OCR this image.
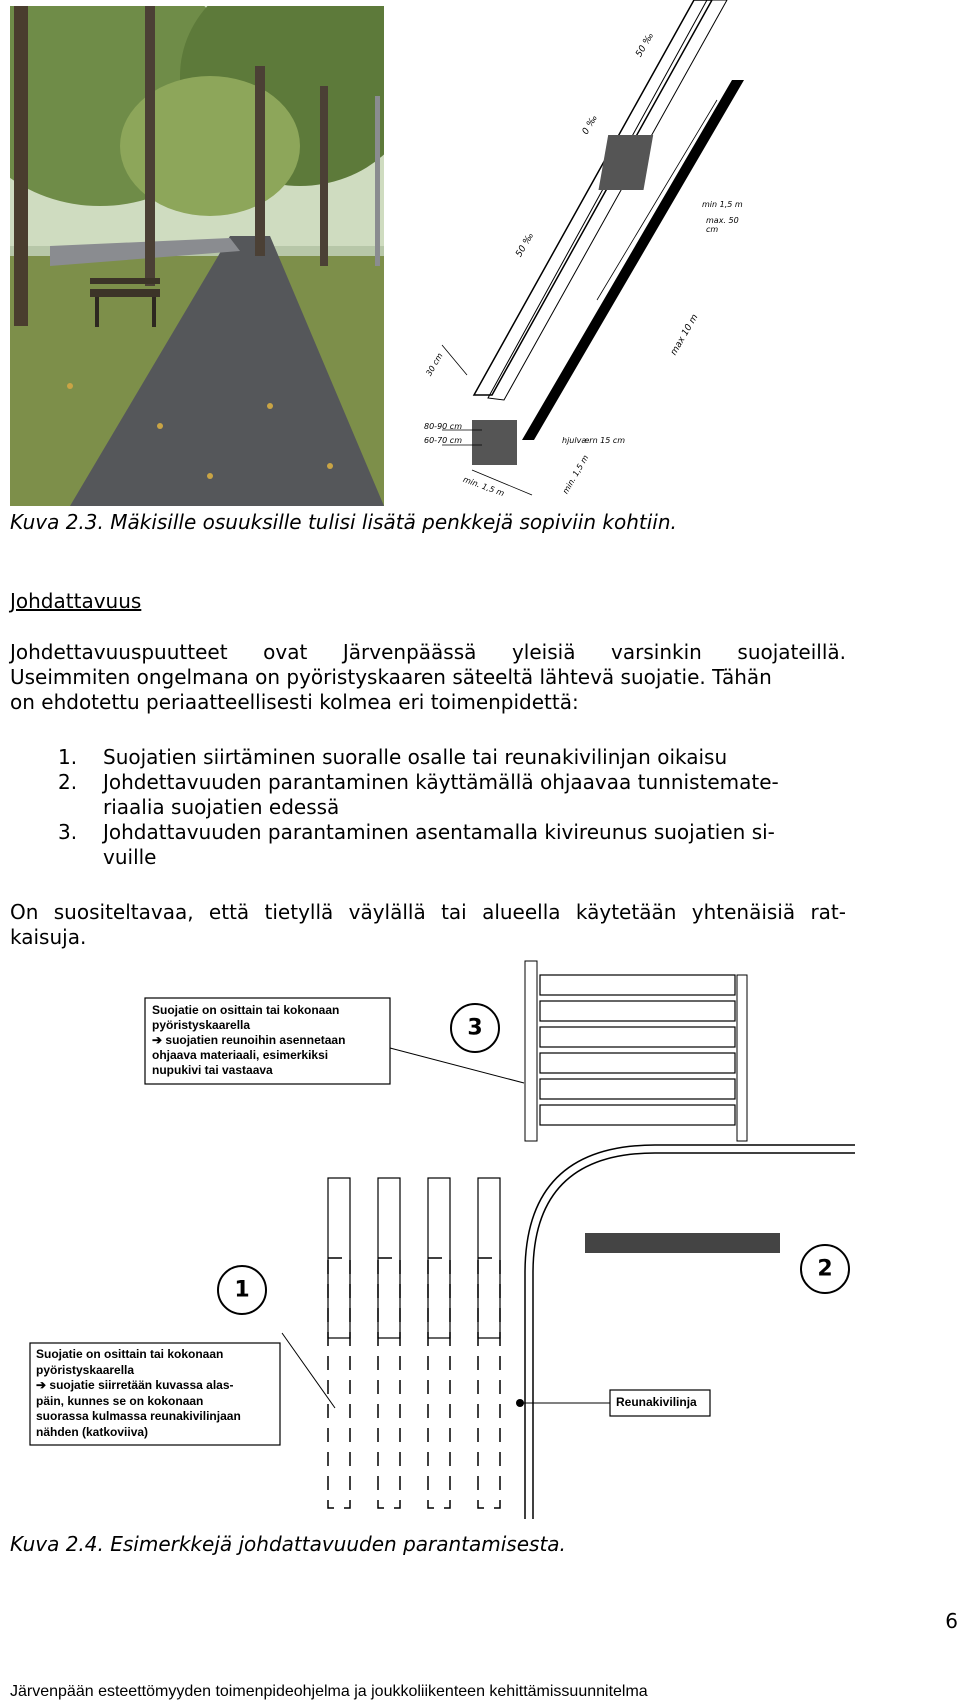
50 ‰
0 ‰
50 ‰
min 1,5 m
max. 50 cm
max 10 m
30 cm
80-90 cm
60-70 cm	hjulværn 15 cm
min. 1,5 m	min. 1,5 m
Kuva 2.3. Mäkisille osuuksille tulisi lisätä penkkejä sopiviin kohtiin.
Johdattavuus
Johdettavuuspuutteet ovat Järvenpäässä yleisiä varsinkin suojateillä.
Useimmiten ongelmana on pyöristyskaaren säteeltä lähtevä suojatie. Tähän
on ehdotettu periaatteellisesti kolmea eri toimenpidettä:
1. Suojatien siirtäminen suoralle osalle tai reunakivilinjan oikaisu
2. Johdettavuuden parantaminen käyttämällä ohjaavaa tunnistemate-
riaalia suojatien edessä
3. Johdattavuuden parantaminen asentamalla kivireunus suojatien si-
vuille
On suositeltavaa, että tietyllä väylällä tai alueella käytetään yhtenäisiä rat-
kaisuja.
3
1
2
Suojatie on osittain tai kokonaan
pyöristyskaarella
➔ suojatien reunoihin asennetaan
ohjaava materiaali, esimerkiksi
nupukivi tai vastaava
Suojatie on osittain tai kokonaan
pyöristyskaarella
➔ suojatie siirretään kuvassa alas-
päin, kunnes se on kokonaan
suorassa kulmassa reunakivilinjaan
nähden (katkoviiva)
Reunakivilinja
Kuva 2.4. Esimerkkejä johdattavuuden parantamisesta.
6
Järvenpään esteettömyyden toimenpideohjelma ja joukkoliikenteen kehittämissuunnitelma
